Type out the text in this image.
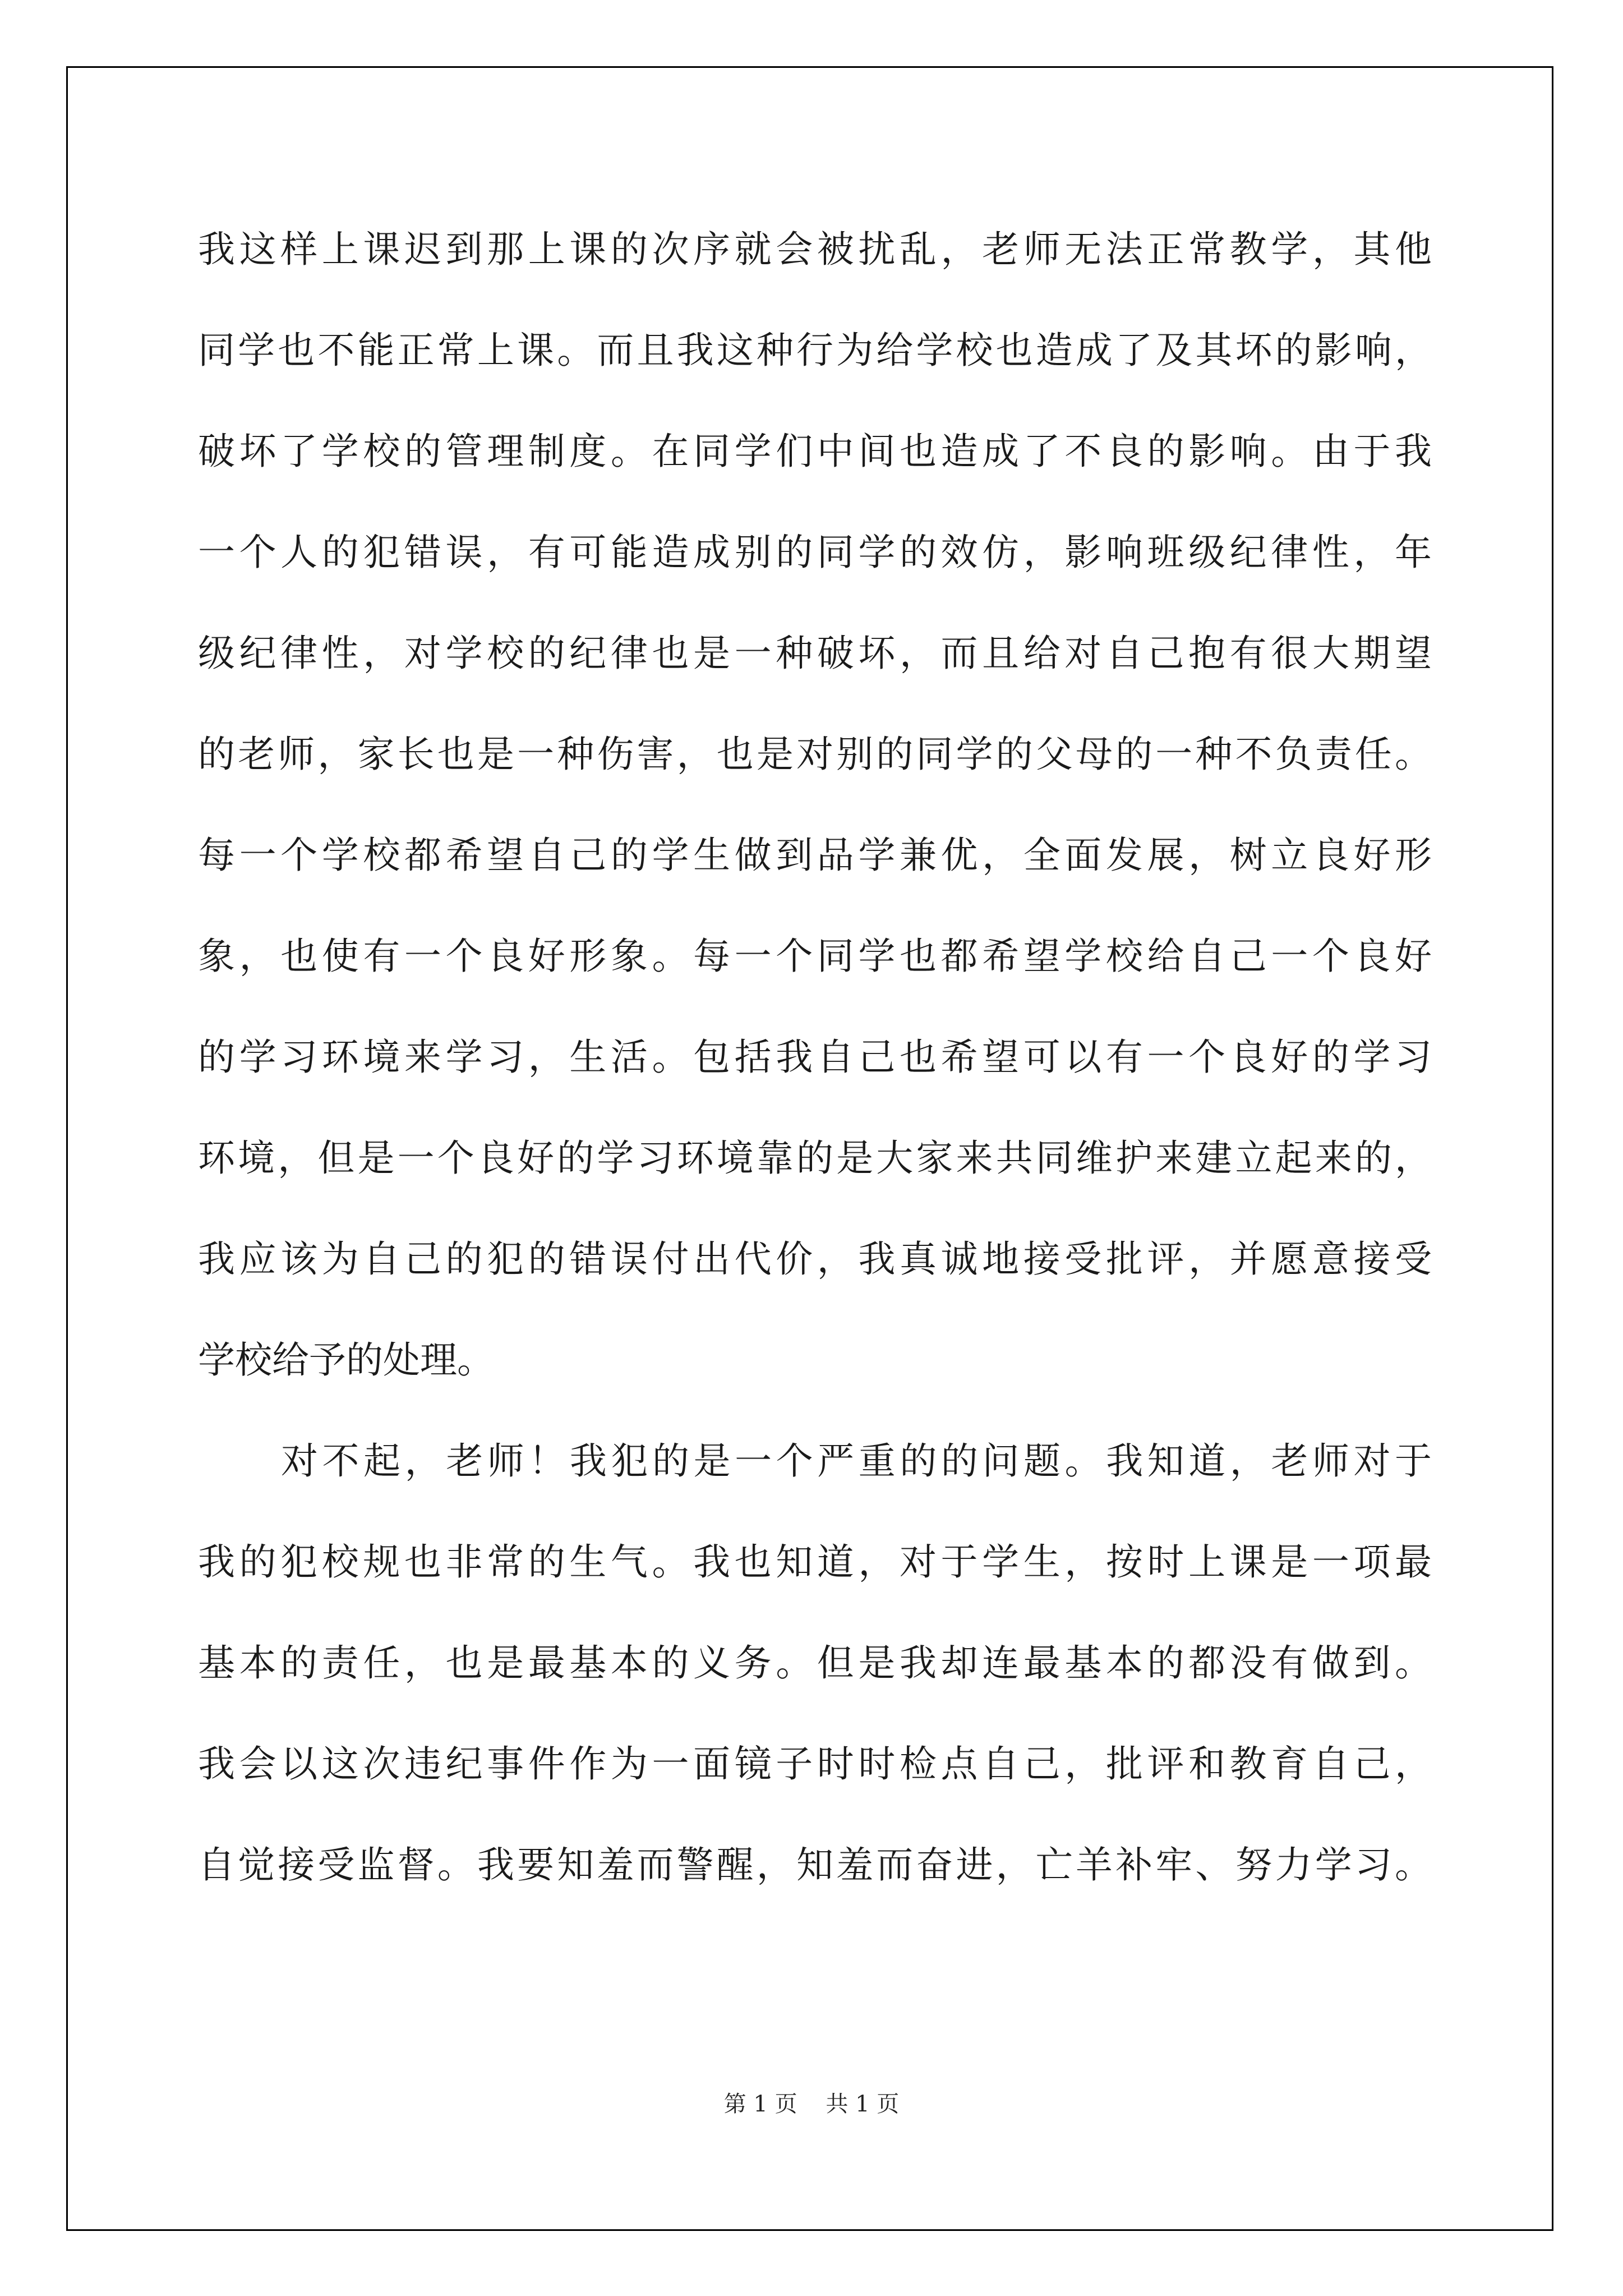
我这样上课迟到那上课的次序就会被扰乱，老师无法正常教学，其他
同学也不能正常上课。而且我这种行为给学校也造成了及其坏的影响，
破坏了学校的管理制度。在同学们中间也造成了不良的影响。由于我
一个人的犯错误，有可能造成别的同学的效仿，影响班级纪律性，年
级纪律性，对学校的纪律也是一种破坏，而且给对自己抱有很大期望
的老师，家长也是一种伤害，也是对别的同学的父母的一种不负责任。
每一个学校都希望自己的学生做到品学兼优，全面发展，树立良好形
象，也使有一个良好形象。每一个同学也都希望学校给自己一个良好
的学习环境来学习，生活。包括我自己也希望可以有一个良好的学习
环境，但是一个良好的学习环境靠的是大家来共同维护来建立起来的，
我应该为自己的犯的错误付出代价，我真诚地接受批评，并愿意接受
学校给予的处理。
对不起，老师！我犯的是一个严重的的问题。我知道，老师对于
我的犯校规也非常的生气。我也知道，对于学生，按时上课是一项最
基本的责任，也是最基本的义务。但是我却连最基本的都没有做到。
我会以这次违纪事件作为一面镜子时时检点自己，批评和教育自己，
自觉接受监督。我要知羞而警醒，知羞而奋进，亡羊补牢、努力学习。
第 1 页    共 1 页
